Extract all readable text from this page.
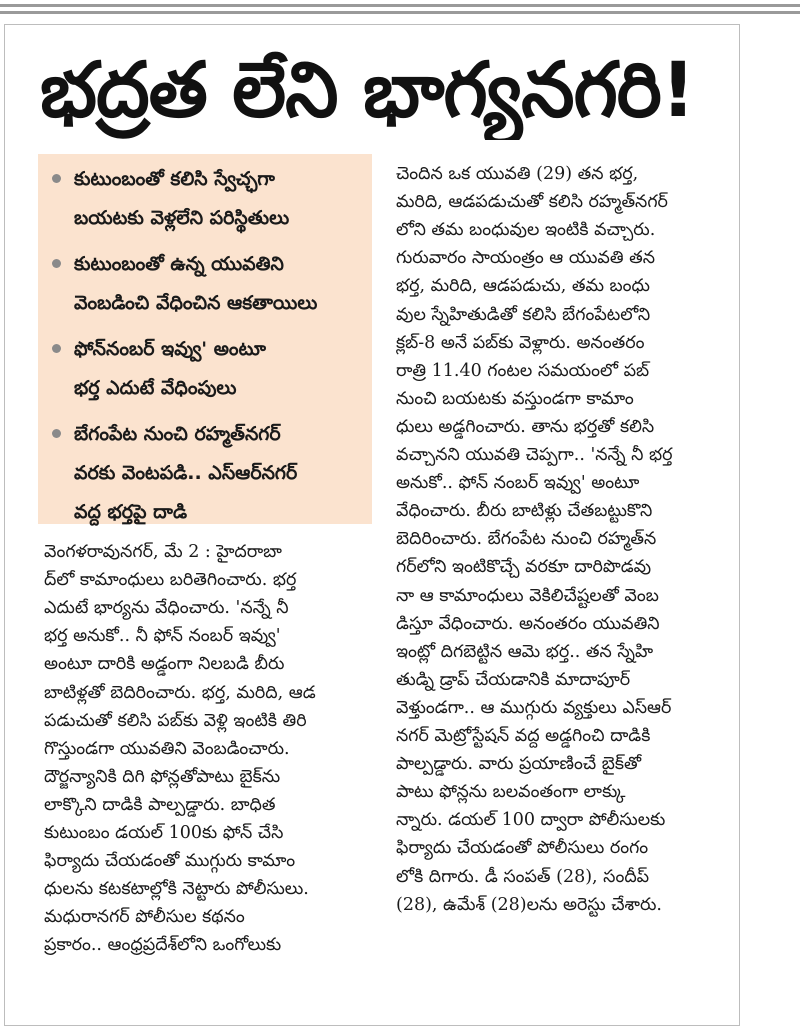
భద్రత లేని భాగ్యనగరి!
కుటుంబంతో కలిసి స్వేచ్ఛగా
బయటకు వెళ్లలేని పరిస్థితులు
కుటుంబంతో ఉన్న యువతిని
వెంబడించి వేధించిన ఆకతాయిలు
ఫోన్‌నంబర్ ఇవ్వు' అంటూ
భర్త ఎదుటే వేధింపులు
బేగంపేట నుంచి రహ్మత్‌నగర్
వరకు వెంటపడి.. ఎస్‌ఆర్‌నగర్
వద్ద భర్తపై దాడి
వెంగళరావునగర్, మే 2 : హైదరాబా
ద్‌లో కామాంధులు బరితెగించారు. భర్త
ఎదుటే భార్యను వేధించారు. 'నన్నే నీ
భర్త అనుకో.. నీ ఫోన్ నంబర్ ఇవ్వు'
అంటూ దారికి అడ్డంగా నిలబడి బీరు
బాటిళ్లతో బెదిరించారు. భర్త, మరిది, ఆడ
పడుచుతో కలిసి పబ్‌కు వెళ్లి ఇంటికి తిరి
గొస్తుండగా యువతిని వెంబడించారు.
దౌర్జన్యానికి దిగి ఫోన్లతోపాటు బైక్‌ను
లాక్కొని దాడికి పాల్పడ్డారు. బాధిత
కుటుంబం డయల్ 100కు ఫోన్ చేసి
ఫిర్యాదు చేయడంతో ముగ్గురు కామాం
ధులను కటకటాల్లోకి నెట్టారు పోలీసులు.
మధురానగర్ పోలీసుల కథనం
ప్రకారం.. ఆంధ్రప్రదేశ్‌లోని ఒంగోలుకు
చెందిన ఒక యువతి (29) తన భర్త,
మరిది, ఆడపడుచుతో కలిసి రహ్మత్‌నగర్
లోని తమ బంధువుల ఇంటికి వచ్చారు.
గురువారం సాయంత్రం ఆ యువతి తన
భర్త, మరిది, ఆడపడుచు, తమ బంధు
వుల స్నేహితుడితో కలిసి బేగంపేటలోని
క్లబ్-8 అనే పబ్‌కు వెళ్లారు. అనంతరం
రాత్రి 11.40 గంటల సమయంలో పబ్
నుంచి బయటకు వస్తుండగా కామాం
ధులు అడ్డగించారు. తాను భర్తతో కలిసి
వచ్చానని యువతి చెప్పగా.. 'నన్నే నీ భర్త
అనుకో.. ఫోన్ నంబర్ ఇవ్వు' అంటూ
వేధించారు. బీరు బాటిళ్లు చేతబట్టుకొని
బెదిరించారు. బేగంపేట నుంచి రహ్మత్‌న
గర్‌లోని ఇంటికొచ్చే వరకూ దారిపొడవు
నా ఆ కామాంధులు వెకిలిచేష్టలతో వెంబ
డిస్తూ వేధించారు. అనంతరం యువతిని
ఇంట్లో దిగబెట్టిన ఆమె భర్త.. తన స్నేహి
తుడ్ని డ్రాప్ చేయడానికి మాదాపూర్
వెళ్తుండగా.. ఆ ముగ్గురు వ్యక్తులు ఎస్‌ఆర్
నగర్ మెట్రోస్టేషన్ వద్ద అడ్డగించి దాడికి
పాల్పడ్డారు. వారు ప్రయాణించే బైక్‌తో
పాటు ఫోన్లను బలవంతంగా లాక్కు
న్నారు. డయల్ 100 ద్వారా పోలీసులకు
ఫిర్యాదు చేయడంతో పోలీసులు రంగం
లోకి దిగారు. డీ సంపత్ (28), సందీప్
(28), ఉమేశ్ (28)లను అరెస్టు చేశారు.
